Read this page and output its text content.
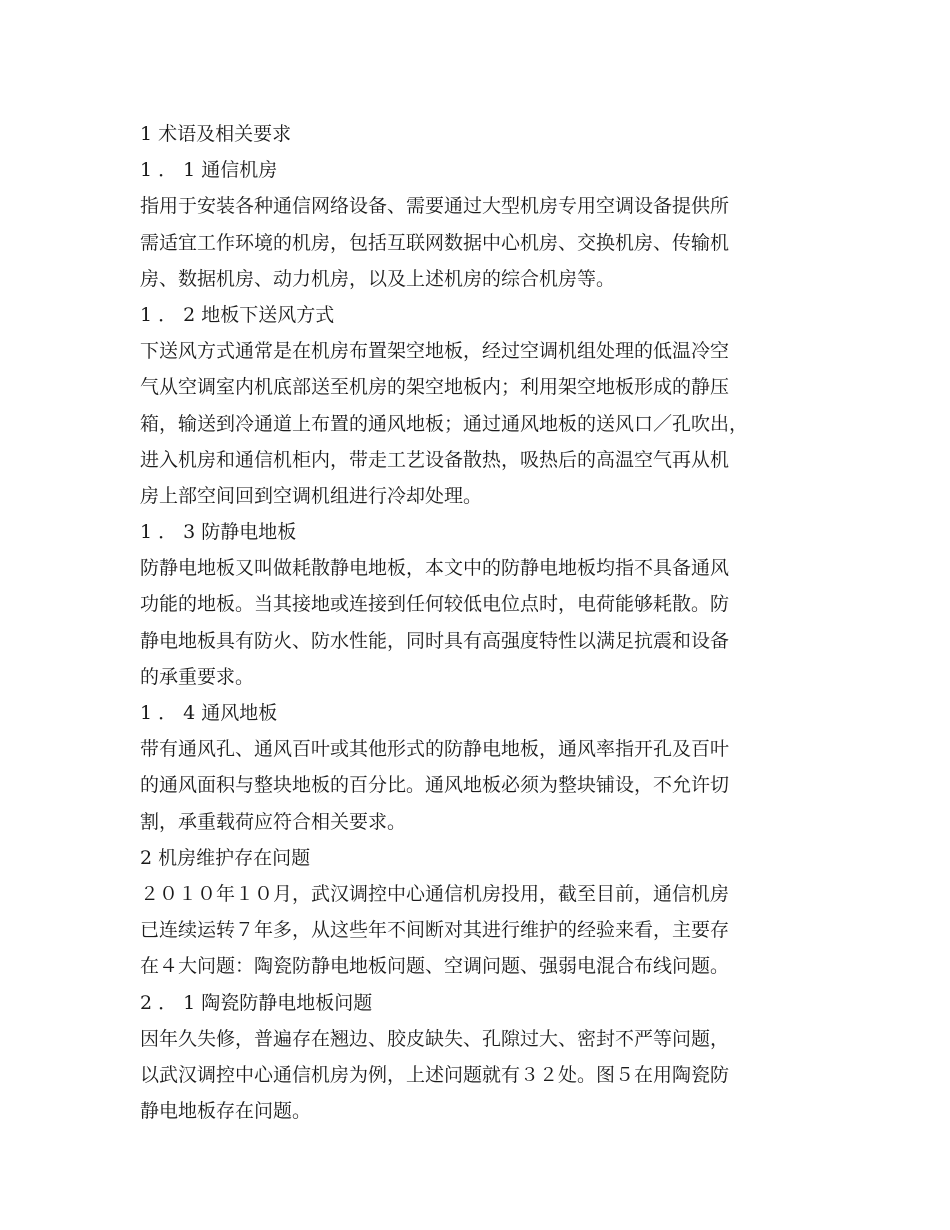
1 术语及相关要求
1 ． 1 通信机房
指用于安装各种通信网络设备、需要通过大型机房专用空调设备提供所
需适宜工作环境的机房，包括互联网数据中心机房、交换机房、传输机
房、数据机房、动力机房，以及上述机房的综合机房等。
1 ． 2 地板下送风方式
下送风方式通常是在机房布置架空地板，经过空调机组处理的低温冷空
气从空调室内机底部送至机房的架空地板内；利用架空地板形成的静压
箱，输送到冷通道上布置的通风地板；通过通风地板的送风口／孔吹出，
进入机房和通信机柜内，带走工艺设备散热，吸热后的高温空气再从机
房上部空间回到空调机组进行冷却处理。
1 ． 3 防静电地板
防静电地板又叫做耗散静电地板，本文中的防静电地板均指不具备通风
功能的地板。当其接地或连接到任何较低电位点时，电荷能够耗散。防
静电地板具有防火、防水性能，同时具有高强度特性以满足抗震和设备
的承重要求。
1 ． 4 通风地板
带有通风孔、通风百叶或其他形式的防静电地板，通风率指开孔及百叶
的通风面积与整块地板的百分比。通风地板必须为整块铺设，不允许切
割，承重载荷应符合相关要求。
2 机房维护存在问题
２０１０年１０月，武汉调控中心通信机房投用，截至目前，通信机房
已连续运转７年多，从这些年不间断对其进行维护的经验来看，主要存
在４大问题：陶瓷防静电地板问题、空调问题、强弱电混合布线问题。
2 ． 1 陶瓷防静电地板问题
因年久失修，普遍存在翘边、胶皮缺失、孔隙过大、密封不严等问题，
以武汉调控中心通信机房为例，上述问题就有３２处。图５在用陶瓷防
静电地板存在问题。
